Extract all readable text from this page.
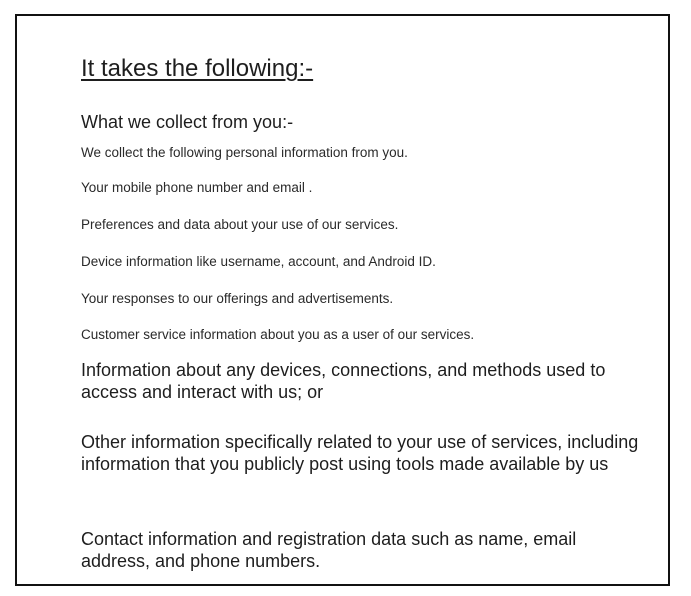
It takes the following:-
What we collect from you:-
We collect the following personal information from you.
Your mobile phone number and email .
Preferences and data about your use of our services.
Device information like username, account, and Android ID.
Your responses to our offerings and advertisements.
Customer service information about you as a user of our services.
Information about any devices, connections, and methods used to access and interact with us; or
Other information specifically related to your use of services, including information that you publicly post using tools made available by us
Contact information and registration data such as name, email address, and phone numbers.
